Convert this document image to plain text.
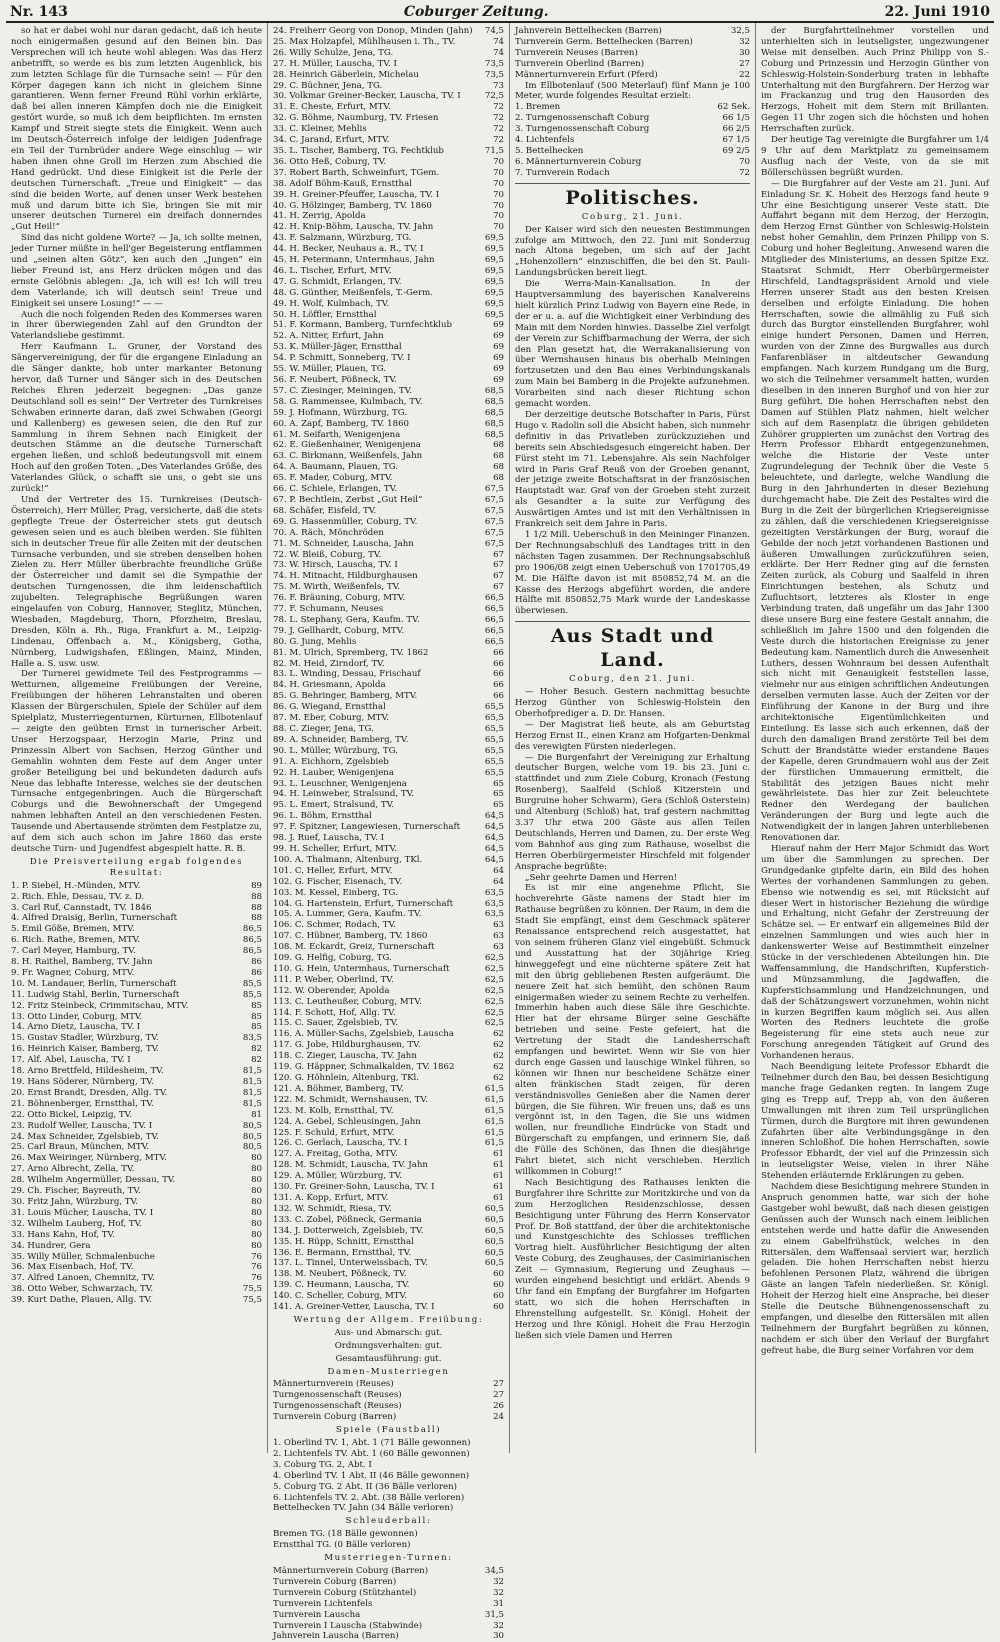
Nr. 143	Coburger Zeitung.	22. Juni 1910

so hat er dabei wohl nur daran gedacht, daß ich heute noch einigermaßen gesund auf den Beinen bin. Das Versprechen will ich heute wohl ablegen: Was das Herz anbetrifft, so werde es bis zum letzten Augenblick, bis zum letzten Schlage für die Turnsache sein! — Für den Körper dagegen kann ich nicht in gleichem Sinne garantieren. Wenn ferner Freund Rühl vorhin erklärte, daß bei allen inneren Kämpfen doch nie die Einigkeit gestört wurde, so muß ich dem beipflichten. Im ernsten Kampf und Streit siegte stets die Einigkeit. Wenn auch im Deutsch-Österreich infolge der leidigen Judenfrage ein Teil der Turnbrüder andere Wege einschlug — wir haben ihnen ohne Groll im Herzen zum Abschied die Hand gedrückt. Und diese Einigkeit ist die Perle der deutschen Turnerschaft. „Treue und Einigkeit“ — das sind die beiden Worte, auf denen unser Werk bestehen muß und darum bitte ich Sie, bringen Sie mit mir unserer deutschen Turnerei ein dreifach donnerndes „Gut Heil!“

Sind das nicht goldene Worte? — Ja, ich sollte meinen, jeder Turner müßte in hell'ger Begeisterung entflammen und „seinen alten Götz“, ken auch den „Jungen“ ein lieber Freund ist, ans Herz drücken mögen und das ernste Gelöbnis ablegen: „Ja, ich will es! Ich will treu dem Vaterlande, ich will deutsch sein! Treue und Einigkeit sei unsere Losung!“ — —

Auch die noch folgenden Reden des Kommerses waren in ihrer überwiegenden Zahl auf den Grundton der Vaterlandsliebe gestimmt.

Herr Kaufmann L. Gruner, der Vorstand des Sängervereinigung, der für die ergangene Einladung an die Sänger dankte, hob unter markanter Betonung hervor, daß Turner und Sänger sich in des Deutschen Reiches Ehren jederzeit begegnen: „Das ganze Deutschland soll es sein!“ Der Vertreter des Turnkreises Schwaben erinnerte daran, daß zwei Schwaben (Georgi und Kallenberg) es gewesen seien, die den Ruf zur Sammlung in ihrem Sehnen nach Einigkeit der deutschen Stämme an die deutsche Turnerschaft ergehen ließen, und schloß bedeutungsvoll mit einem Hoch auf den großen Toten. „Des Vaterlandes Größe, des Vaterlandes Glück, o schafft sie uns, o gebt sie uns zurück!“

Und der Vertreter des 15. Turnkreises (Deutsch-Österreich), Herr Müller, Prag, versicherte, daß die stets gepflegte Treue der Österreicher stets gut deutsch gewesen seien und es auch bleiben werden. Sie fühlten sich in deutscher Treue für alle Zeiten mit der deutschen Turnsache verbunden, und sie streben denselben hohen Zielen zu. Herr Müller überbrachte freundliche Grüße der Österreicher und damit sei die Sympathie der deutschen Turngenossen, die ihm leidenschaftlich zujubelten. Telegraphische Begrüßungen waren eingelaufen von Coburg, Hannover, Steglitz, München, Wiesbaden, Magdeburg, Thorn, Pforzheim, Breslau, Dresden, Köln a. Rh., Riga, Frankfurt a. M., Leipzig-Lindenau, Offenbach a. M., Königsberg, Gotha, Nürnberg, Ludwigshafen, Eßlingen, Mainz, Minden, Halle a. S. usw. usw.

Der Turnerei gewidmete Teil des Festprogramms — Wetturnen, allgemeine Freiübungen der Vereine, Freiübungen der höheren Lehranstalten und oberen Klassen der Bürgerschulen, Spiele der Schüler auf dem Spielplatz, Musterriegenturnen, Kürturnen, Ellbotenlauf — zeigte den geübten Ernst in turnerischer Arbeit. Unser Herzogspaar, Herzogin Marie, Prinz und Prinzessin Albert von Sachsen, Herzog Günther und Gemahlin wohnten dem Feste auf dem Anger unter großer Beteiligung bei und bekundeten dadurch aufs Neue das lebhafte Interesse, welches sie der deutschen Turnsache entgegenbringen. Auch die Bürgerschaft Coburgs und die Bewohnerschaft der Umgegend nahmen lebhaften Anteil an den verschiedenen Festen. Tausende und Abertausende strömten dem Festplatze zu, auf dem sich auch schon im Jahre 1860 das erste deutsche Turn- und Jugendfest abgespielt hatte. R. B.

Die Preisverteilung ergab folgendes Resultat:
1. P. Siebel, H.-Münden, MTV.	89
2. Rich. Ehle, Dessau, TV. z. D.	88
3. Carl Ruf, Cannstadt, TV. 1846	88
4. Alfred Draisig, Berlin, Turnerschaft	88
5. Emil Göße, Bremen, MTV.	86,5
6. Rich. Rathe, Bremen, MTV.	86,5
7. Carl Meyer, Hamburg, TV.	86,5
8. H. Raithel, Bamberg, TV. Jahn	86
9. Fr. Wagner, Coburg, MTV.	86
10. M. Landauer, Berlin, Turnerschaft	85,5
11. Ludwig Stahl, Berlin, Turnerschaft	85,5
12. Fritz Steinbeck, Crimmitschau, MTV.	85
13. Otto Linder, Coburg, MTV.	85
14. Arno Dietz, Lauscha, TV. I	85
15. Gustav Stadler, Würzburg, TV.	83,5
16. Heinrich Kaiser, Bamberg, TV.	82
17. Alf. Abel, Lauscha, TV. I	82
18. Arno Brettfeld, Hildesheim, TV.	81,5
19. Hans Söderer, Nürnberg, TV.	81,5
20. Ernst Brandt, Dresden, Allg. TV.	81,5
21. Böhnenberger, Ernstthal, TV.	81,5
22. Otto Bickel, Leipzig, TV.	81
23. Rudolf Weller, Lauscha, TV. I	80,5
24. Max Schneider, Zgelsbieb, TV.	80,5
25. Carl Braun, München, MTV.	80,5
26. Max Weiringer, Nürnberg, MTV.	80
27. Arno Albrecht, Zella, TV.	80
28. Wilhelm Angermüller, Dessau, TV.	80
29. Ch. Fischer, Bayreuth, TV.	80
30. Fritz Jahn, Würzburg, TV.	80
31. Louis Mücher, Lauscha, TV. I	80
32. Wilhelm Lauberg, Hof, TV.	80
33. Hans Kahn, Hof, TV.	80
34. Hundrer, Gera	80
35. Willy Müller, Schmalenbuche	76
36. Max Eisenbach, Hof, TV.	76
37. Alfred Lanoen, Chemnitz, TV.	76
38. Otto Weber, Schwarzach, TV.	75,5
39. Kurt Dathe, Plauen, Allg. TV.	75,5
24. Freiherr Georg von Donop, Minden (Jahn)	74,5
25. Max Holzapfel, Mühlhausen i. Th., TV.	74
26. Willy Schulze, Jena, TG.	74
27. H. Müller, Lauscha, TV. I	73,5
28. Heinrich Gäberlein, Michelau	73,5
29. C. Büchner, Jena, TG.	73
30. Volkmar Greiner-Becker, Lauscha, TV. I	72,5
31. E. Cheste, Erfurt, MTV.	72
32. G. Böhme, Naumburg, TV. Friesen	72
33. C. Kleiner, Mehlis	72
34. C. Jarand, Erfurt, MTV.	72
35. L. Tischer, Bamberg, TG. Fechtklub	71,5
36. Otto Heß, Coburg, TV.	70
37. Robert Barth, Schweinfurt, TGem.	70
38. Adolf Böhm-Kauß, Ernstthal	70
39. H. Greiner-Pfeuffer, Lauscha, TV. I	70
40. G. Hölzinger, Bamberg, TV. 1860	70
41. H. Zerrig, Apolda	70
42. H. Knip-Böhm, Lauscha, TV. Jahn	70
43. F. Salzmann, Würzburg, TG.	69,5
44. H. Becker, Neuhaus a. R., TV. I	69,5
45. H. Petermann, Untermhaus, Jahn	69,5
46. L. Tischer, Erfurt, MTV.	69,5
47. G. Schmidt, Erlangen, TV.	69,5
48. G. Günther, Meißenfels, T.-Germ.	69,5
49. H. Wolf, Kulmbach, TV.	69,5
50. H. Löffler, Ernstthal	69,5
51. F. Kormann, Bamberg, Turnfechtklub	69
52. A. Nitter, Erfurt, Jahn	69
53. K. Müller-Jäger, Ernstthal	69
54. P. Schmitt, Sonneberg, TV. I	69
55. W. Müller, Plauen, TG.	69
56. F. Neubert, Pößneck, TV.	69
57. C. Ziesinger, Meiningen, TV.	68,5
58. G. Rammensee, Kulmbach, TV.	68,5
59. J. Hofmann, Würzburg, TG.	68,5
60. A. Zapf, Bamberg, TV. 1860	68,5
61. M. Seifarth, Wenigenjena	68,5
62. E. Gießenhainer, Wenigenjena	68
63. C. Birkmann, Weißenfels, Jahn	68
64. A. Baumann, Plauen, TG.	68
65. F. Mader, Coburg, MTV.	68
66. C. Schiele, Erlangen, TV.	67,5
67. P. Bechtlein, Zerbst „Gut Heil“	67,5
68. Schäfer, Eisfeld, TV.	67,5
69. G. Hassenmüller, Coburg, TV.	67,5
70. A. Räch, Mönchröden	67,5
71. M. Schneider, Lauscha, Jahn	67,5
72. W. Bleiß, Coburg, TV.	67
73. W. Hirsch, Lauscha, TV. I	67
74. H. Mitnacht, Hildburghausen	67
75. M. Wirth, Weißenfels, TV.	67
76. F. Bräuning, Coburg, MTV.	66,5
77. F. Schumann, Neuses	66,5
78. L. Stephany, Gera, Kaufm. TV.	66,5
79. J. Gellhardt, Coburg, MTV.	66,5
80. G. Jung, Mehlis	66,5
81. M. Ulrich, Spremberg, TV. 1862	66
82. M. Heid, Zirndorf, TV.	66
83. L. Winding, Dessau, Frischauf	66
84. H. Griesmann, Apolda	66
85. G. Behringer, Bamberg, MTV.	66
86. G. Wiegand, Ernstthal	65,5
87. M. Eber, Coburg, MTV.	65,5
88. C. Zieger, Jena, TG.	65,5
89. A. Schneider, Bamberg, TV.	65,5
90. L. Müller, Würzburg, TG.	65,5
91. A. Eichhorn, Zgelsbieb	65,5
92. H. Lauber, Wenigenjena	65,5
93. L. Leuschner, Wenigenjena	65
94. H. Leinweber, Stralsund, TV.	65
95. L. Emert, Stralsund, TV.	65
96. L. Böhm, Ernstthal	64,5
97. F. Spitzner, Langewiesen, Turnerschaft	64,5
98. J. Ruef, Lauscha, TV. I	64,5
99. H. Scheller, Erfurt, MTV.	64,5
100. A. Thalmann, Altenburg, TKl.	64,5
101. C. Heller, Erfurt, MTV.	64
102. G. Fischer, Eisenach, TV.	64
103. M. Kessel, Einberg, TG.	63,5
104. G. Hartenstein, Erfurt, Turnerschaft	63,5
105. A. Lummer, Gera, Kaufm. TV.	63,5
106. C. Schmer, Rodach, TV.	63
107. C. Hübner, Bamberg, TV. 1860	63
108. M. Eckardt, Greiz, Turnerschaft	63
109. G. Helfig, Coburg, TG.	62,5
110. G. Hein, Untermhaus, Turnerschaft	62,5
111. P. Weber, Oberlind, TV.	62,5
112. W. Oberender, Apolda	62,5
113. C. Leutheußer, Coburg, MTV.	62,5
114. F. Schott, Hof, Allg. TV.	62,5
115. C. Sauer, Zgelsbieb, TV.	62,5
116. A. Müller-Sachs, Zgelsbieb, Lauscha	62
117. G. Jobe, Hildburghausen, TV.	62
118. C. Zieger, Lauscha, TV. Jahn	62
119. G. Häppner, Schmalkalden, TV. 1862	62
120. G. Höhnlein, Altenburg, TKl.	62
121. A. Böhmer, Bamberg, TV.	61,5
122. M. Schmidt, Wernshausen, TV.	61,5
123. M. Kolb, Ernstthal, TV.	61,5
124. A. Gebel, Schleusingen, Jahn	61,5
125. F. Schuld, Erfurt, MTV.	61,5
126. C. Gerlach, Lauscha, TV. I	61,5
127. A. Freitag, Gotha, MTV.	61
128. M. Schmidt, Lauscha, TV. Jahn	61
129. A. Müller, Würzburg, TV.	61
130. Fr. Greiner-Sohn, Lauscha, TV. I	61
131. A. Kopp, Erfurt, MTV.	61
132. W. Schmidt, Riesa, TV.	60,5
133. C. Zobel, Pößneck, Germania	60,5
134. J. Dotterweich, Zgelsbieb, TV.	60,5
135. H. Rüpp, Schnitt, Ernstthal	60,5
136. E. Bermann, Ernstthal, TV.	60,5
137. L. Tinnel, Unterweissbach, TV.	60,5
138. M. Neubert, Pößneck, TV.	60
139. C. Heumann, Lauscha, TV.	60
140. C. Scheller, Coburg, MTV.	60
141. A. Greiner-Vetter, Lauscha, TV. I	60
Wertung der Allgem. Freiübung:
Aus- und Abmarsch: gut.
Ordnungsverhalten: gut.
Gesamtausführung: gut.
Damen-Musterriegen
Männerturnverein (Reuses)	27
Turngenossenschaft (Reuses)	27
Turngenossenschaft (Reuses)	26
Turnverein Coburg (Barren)	24
Spiele (Faustball)
1. Oberlind TV. 1, Abt. 1 (71 Bälle gewonnen)
2. Lichtenfels TV. Abt. 1 (60 Bälle gewonnen)
3. Coburg TG. 2, Abt. I
4. Oberlind TV. 1 Abt. II (46 Bälle gewonnen)
5. Coburg TG. 2 Abt. II (36 Bälle verloren)
6. Lichtenfels TV. 2. Abt. (38 Bälle verloren)
Bettelhecken TV. Jahn (34 Bälle verloren)
Schleuderball:
Bremen TG. (18 Bälle gewonnen)
Ernstthal TG. (0 Bälle verloren)
Musterriegen-Turnen:
Männerturnverein Coburg (Barren)	34,5
Turnverein Coburg (Barren)	32
Turnverein Coburg (Stützhantel)	32
Turnverein Lichtenfels	31
Turnverein Lauscha	31,5
Turnverein I Lauscha (Stabwinde)	32
Jahnverein Lauscha (Barren)	30
Jahnverein Bettelhecken (Barren)	32,5
Turnverein Germ. Bettelhecken (Barren)	32
Turnverein Neuses (Barren)	30
Turnverein Oberlind (Barren)	27
Männerturnverein Erfurt (Pferd)	22

Im Ellbotenlauf (500 Meterlauf) fünf Mann je 100 Meter, wurde folgendes Resultat erzielt:

1. Bremen	62 Sek.
2. Turngenossenschaft Coburg	66 1/5
3. Turngenossenschaft Coburg	66 2/5
4. Lichtenfels	67 1/5
5. Bettelhecken	69 2/5
6. Männerturnverein Coburg	70
7. Turnverein Rodach	72
Politisches.
Coburg, 21. Juni.

Der Kaiser wird sich den neuesten Bestimmungen zufolge am Mittwoch, den 22. Juni mit Sonderzug nach Altona begeben, um sich auf der Jacht „Hohenzollern“ einzuschiffen, die bei den St. Pauli-Landungsbrücken bereit liegt.

Die Werra-Main-Kanalisation. In der Hauptversammlung des bayerischen Kanalvereins hielt kürzlich Prinz Ludwig von Bayern eine Rede, in der er u. a. auf die Wichtigkeit einer Verbindung des Main mit dem Norden hinwies. Dasselbe Ziel verfolgt der Verein zur Schiffbarmachung der Werra, der sich den Plan gesetzt hat, die Werrakanalisierung von über Wernshausen hinaus bis oberhalb Meiningen fortzusetzen und den Bau eines Verbindungskanals zum Main bei Bamberg in die Projekte aufzunehmen. Vorarbeiten sind nach dieser Richtung schon gemacht worden.

Der derzeitige deutsche Botschafter in Paris, Fürst Hugo v. Radolin soll die Absicht haben, sich nunmehr definitiv in das Privatleben zurückzuziehen und bereits sein Abschiedsgesuch eingereicht haben. Der Fürst steht im 71. Lebensjahre. Als sein Nachfolger wird in Paris Graf Reuß von der Groeben genannt, der jetzige zweite Botschaftsrat in der französischen Hauptstadt war. Graf von der Groeben steht zurzeit als Gesandter a la suite zur Verfügung des Auswärtigen Amtes und ist mit den Verhältnissen in Frankreich seit dem Jahre in Paris.

1 1/2 Mill. Ueberschuß in den Meininger Finanzen. Der Rechnungsabschluß des Landtages tritt in den nächsten Tagen zusammen. Der Rechnungsabschluß pro 1906/08 zeigt einen Ueberschuß von 1701705,49 M. Die Hälfte davon ist mit 850852,74 M. an die Kasse des Herzogs abgeführt worden, die andere Hälfte mit 850852,75 Mark wurde der Landeskasse überwiesen.

Aus Stadt und Land.
Coburg, den 21. Juni.

— Hoher Besuch. Gestern nachmittag besuchte Herzog Günther von Schleswig-Holstein den Oberhofprediger a. D. Dr. Hansen.

— Der Magistrat ließ heute, als am Geburtstag Herzog Ernst II., einen Kranz am Hofgarten-Denkmal des verewigten Fürsten niederlegen.

— Die Burgenfahrt der Vereinigung zur Erhaltung deutscher Burgen, welche vom 19. bis 23. Juni c. stattfindet und zum Ziele Coburg, Kronach (Festung Rosenberg), Saalfeld (Schloß Kitzerstein und Burgruine hoher Schwarm), Gera (Schloß Osterstein) und Altenburg (Schloß) hat, traf gestern nachmittag 3.37 Uhr etwa 200 Gäste aus allen Teilen Deutschlands, Herren und Damen, zu. Der erste Weg vom Bahnhof aus ging zum Rathause, woselbst die Herren Oberbürgermeister Hirschfeld mit folgender Ansprache begrüßte:

„Sehr geehrte Damen und Herren!

Es ist mir eine angenehme Pflicht, Sie hochverehrte Gäste namens der Stadt hier im Rathause begrüßen zu können. Der Raum, in dem die Stadt Sie empfängt, einst dem Geschmack späterer Renaissance entsprechend reich ausgestattet, hat von seinem früheren Glanz viel eingebüßt. Schmuck und Ausstattung hat der 30jährige Krieg hinweggefegt und eine nüchterne spätere Zeit hat mit den übrig gebliebenen Resten aufgeräumt. Die neuere Zeit hat sich bemüht, den schönen Raum einigermaßen wieder zu seinem Rechte zu verhelfen. Immerhin haben auch diese Säle ihre Geschichte. Hier hat der ehrsame Bürger seine Geschäfte betrieben und seine Feste gefeiert, hat die Vertretung der Stadt die Landesherrschaft empfangen und bewirtet. Wenn wir Sie von hier durch enge Gassen und lauschige Winkel führen, so können wir Ihnen nur bescheidene Schätze einer alten fränkischen Stadt zeigen, für deren verständnisvolles Genießen aber die Namen derer bürgen, die Sie führen. Wir freuen uns, daß es uns vergönnt ist, in den Tagen, die Sie uns widmen wollen, nur freundliche Eindrücke von Stadt und Bürgerschaft zu empfangen, und erinnern Sie, daß die Fülle des Schönen, das Ihnen die diesjährige Fahrt bietet, sich nicht verschieben. Herzlich willkommen in Coburg!“

Nach Besichtigung des Rathauses lenkten die Burgfahrer ihre Schritte zur Moritzkirche und von da zum Herzoglichen Residenzschlosse, dessen Besichtigung unter Führung des Herrn Konservator Prof. Dr. Boß stattfand, der über die architektonische und Kunstgeschichte des Schlosses trefflichen Vortrag hielt. Ausführlicher Besichtigung der alten Veste Coburg, des Zeughauses, der Casimirianischen Zeit — Gymnasium, Regierung und Zeughaus — wurden eingehend besichtigt und erklärt. Abends 9 Uhr fand ein Empfang der Burgfahrer im Hofgarten statt, wo sich die hohen Herrschaften in Ehrenstellung aufgestellt. Sr. Königl. Hoheit der Herzog und Ihre Königl. Hoheit die Frau Herzogin ließen sich viele Damen und Herren

der Burgfahrtteilnehmer vorstellen und unterhielten sich in leutseligster, ungezwungener Weise mit denselben. Auch Prinz Philipp von S.-Coburg und Prinzessin und Herzogin Günther von Schleswig-Holstein-Sonderburg traten in lebhafte Unterhaltung mit den Burgfahrern. Der Herzog war im Frackanzug und trug den Hausorden des Herzogs, Hoheit mit dem Stern mit Brillanten. Gegen 11 Uhr zogen sich die höchsten und hohen Herrschaften zurück.

Der heutige Tag vereinigte die Burgfahrer um 1/4 9 Uhr auf dem Marktplatz zu gemeinsamem Ausflug nach der Veste, von da sie mit Böllerschüssen begrüßt wurden.

— Die Burgfahrer auf der Veste am 21. Juni. Auf Einladung Sr. K. Hoheit des Herzogs fand heute 9 Uhr eine Besichtigung unserer Veste statt. Die Auffahrt begann mit dem Herzog, der Herzogin, dem Herzog Ernst Günther von Schleswig-Holstein nebst hoher Gemahlin, dem Prinzen Philipp von S. Coburg und hoher Begleitung. Anwesend waren die Mitglieder des Ministeriums, an dessen Spitze Exz. Staatsrat Schmidt, Herr Oberbürgermeister Hirschfeld, Landtagspräsident Arnold und viele Herren unserer Stadt aus den besten Kreisen derselben und erfolgte Einladung. Die hohen Herrschaften, sowie die allmählig zu Fuß sich durch das Burgtor einstellenden Burgfahrer, wohl einige hundert Personen, Damen und Herren, wurden von der Zinne des Burgwalles aus durch Fanfarenbläser in altdeutscher Gewandung empfangen. Nach kurzem Rundgang um die Burg, wo sich die Teilnehmer versammelt hatten, wurden dieselben in den inneren Burghof und von hier zur Burg geführt. Die hohen Herrschaften nebst den Damen auf Stühlen Platz nahmen, hielt welcher sich auf dem Rasenplatz die übrigen gebildeten Zuhörer gruppierten um zunächst den Vortrag des Herrn Professor Ebhardt entgegenzunehmen, welche die Historie der Veste unter Zugrundelegung der Technik über die Veste 5 beleuchtete, und darlegte, welche Wandlung die Burg in den Jahrhunderten in dieser Beziehung durchgemacht habe. Die Zeit des Pestaltes wird die Burg in die Zeit der bürgerlichen Kriegsereignisse zu zählen, daß die verschiedenen Kriegsereignisse gezeitigten Verstärkungen der Burg, worauf die Gebilde der noch jetzt vorhandenen Bastionen und äußeren Umwallungen zurückzuführen seien, erklärte. Der Herr Redner ging auf die fernsten Zeiten zurück, als Coburg und Saalfeld in ihren Einrichtungen bestehen, als Schutz und Zufluchtsort, letzteres als Kloster in enge Verbindung traten, daß ungefähr um das Jahr 1300 diese unsere Burg eine festere Gestalt annahm, die schließlich im Jahre 1500 und den folgenden die Veste durch die historischen Ereignisse zu jener Bedeutung kam. Namentlich durch die Anwesenheit Luthers, dessen Wohnraum bei dessen Aufenthalt sich nicht mit Genauigkeit feststellen lasse, vielmehr nur aus einigen schriftlichen Andeutungen derselben vermuten lasse. Auch der Zeiten vor der Einführung der Kanone in der Burg und ihre architektonische Eigentümlichkeiten und Einteilung. Es lasse sich auch erkennen, daß der durch den damaligen Brand zerstörte Teil bei dem Schutt der Brandstätte wieder erstandene Baues der Kapelle, deren Grundmauern wohl aus der Zeit der fürstlichen Ummauerung ermittelt, die Stabilität des jetzigen Baues nicht mehr gewährleistete. Das hier zur Zeit beleuchtete Redner den Werdegang der baulichen Veränderungen der Burg und legte auch die Notwendigkeit der in langen Jahren unterbliebenen Renovationen dar.

Hierauf nahm der Herr Major Schmidt das Wort um über die Sammlungen zu sprechen. Der Grundgedanke gipfelte darin, ein Bild des hohen Wertes der vorhandenen Sammlungen zu geben. Ebenso wie notwendig es sei, mit Rücksicht auf dieser Wert in historischer Beziehung die würdige und Erhaltung, nicht Gefahr der Zerstreuung der Schätze sei. — Er entwarf ein allgemeines Bild der einzelnen Sammlungen und wies auch hier in dankenswerter Weise auf Bestimmtheit einzelner Stücke in der verschiedenen Abteilungen hin. Die Waffensammlung, die Handschriften, Kupferstich- und Münzsammlung, die Jagdwaffen, die Kupferstichsammlung und Handzeichnungen, und daß der Schätzungswert vorzunehmen, wohin nicht in kurzen Begriffen kaum möglich sei. Aus allen Worten des Redners leuchtete die große Begeisterung für eine stets auch neue zur Forschung anregenden Tätigkeit auf Grund des Vorhandenen heraus.

Nach Beendigung leitete Professor Ebhardt die Teilnehmer durch den Bau, bei dessen Besichtigung manche frage Gedanken regten. In langem Zuge ging es Trepp auf, Trepp ab, von den äußeren Umwallungen mit ihren zum Teil ursprünglichen Türmen, durch die Burgtore mit ihren gewundenen Zufahrten über alte Verbindungsgänge in den inneren Schloßhof. Die hohen Herrschaften, sowie Professor Ebhardt, der viel auf die Prinzessin sich in leutseligster Weise, vielen in ihrer Nähe Stehenden erläuternde Erklärungen zu geben.

Nachdem diese Besichtigung mehrere Stunden in Anspruch genommen hatte, war sich der hohe Gastgeber wohl bewußt, daß nach diesen geistigen Genüssen auch der Wunsch nach einem leiblichen entstehen werde und hatte dafür die Anwesenden zu einem Gabelfrühstück, welches in den Rittersälen, dem Waffensaal serviert war, herzlich geladen. Die hohen Herrschaften nebst hierzu befohlenen Personen Platz, während die übrigen Gäste an langen Tafeln niederließen. Sr. Königl. Hoheit der Herzog hielt eine Ansprache, bei dieser Stelle die Deutsche Bühnengenossenschaft zu empfangen, und dieselbe den Rittersälen mit allen Teilnehmern der Burgfahrt begrüßen zu können, nachdem er sich über den Verlauf der Burgfahrt gefreut habe, die Burg seiner Vorfahren vor dem
